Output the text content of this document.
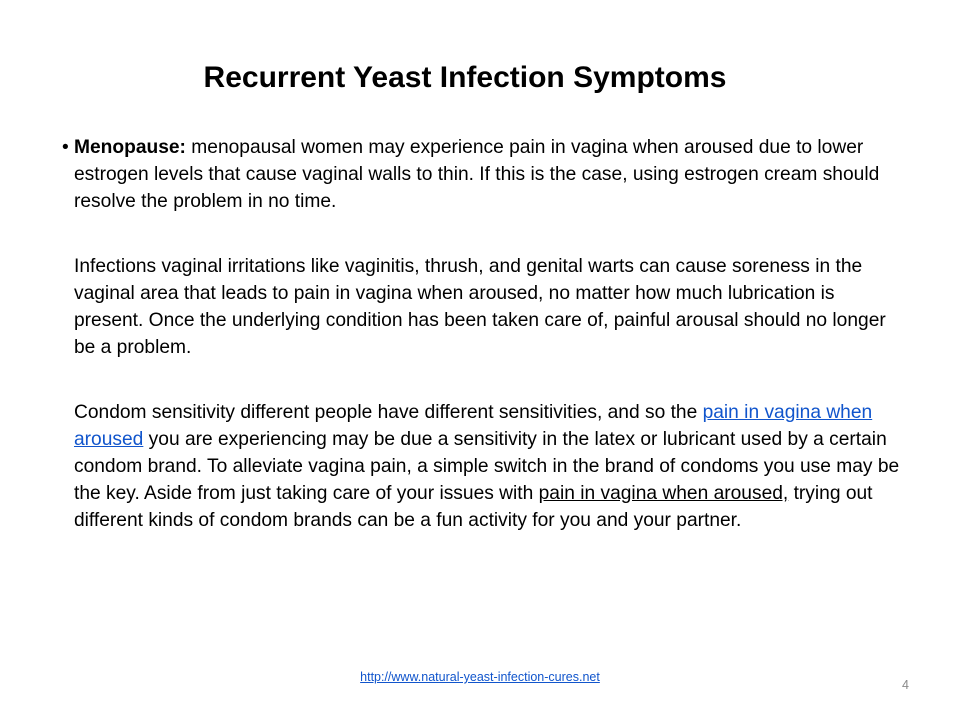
Recurrent Yeast Infection Symptoms

• Menopause: menopausal women may experience pain in vagina when aroused due to lower estrogen levels that cause vaginal walls to thin. If this is the case, using estrogen cream should resolve the problem in no time.

Infections vaginal irritations like vaginitis, thrush, and genital warts can cause soreness in the vaginal area that leads to pain in vagina when aroused, no matter how much lubrication is present. Once the underlying condition has been taken care of, painful arousal should no longer be a problem.

Condom sensitivity different people have different sensitivities, and so the pain in vagina when aroused you are experiencing may be due a sensitivity in the latex or lubricant used by a certain condom brand. To alleviate vagina pain, a simple switch in the brand of condoms you use may be the key. Aside from just taking care of your issues with pain in vagina when aroused, trying out different kinds of condom brands can be a fun activity for you and your partner.

http://www.natural-yeast-infection-cures.net
4
